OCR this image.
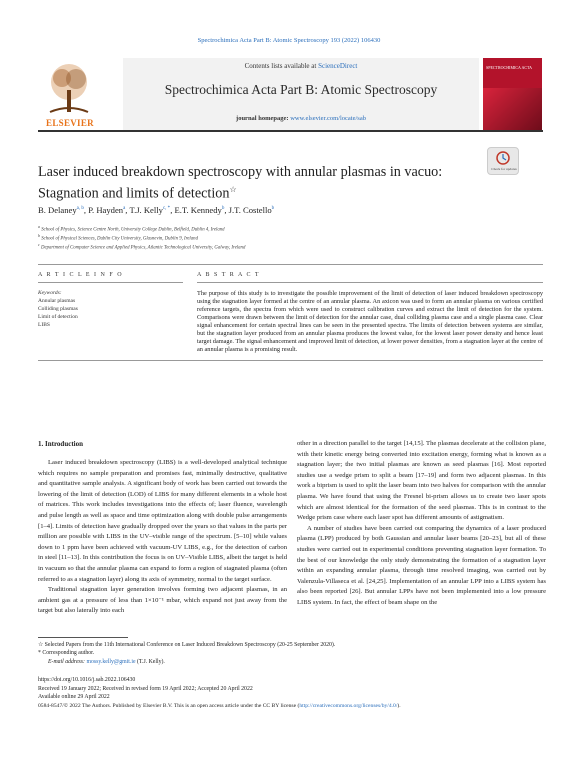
Spectrochimica Acta Part B: Atomic Spectroscopy 193 (2022) 106430
ELSEVIER
Contents lists available at ScienceDirect
Spectrochimica Acta Part B: Atomic Spectroscopy
journal homepage: www.elsevier.com/locate/sab
SPECTROCHIMICA ACTA
Laser induced breakdown spectroscopy with annular plasmas in vacuo:
Stagnation and limits of detection☆
Check for updates
B. Delaney$^{a, b}$, P. Hayden$^a$, T.J. Kelly$^{c, *}$, E.T. Kennedy$^b$, J.T. Costello$^b$
$^a$ School of Physics, Science Centre North, University College Dublin, Belfield, Dublin 4, Ireland
$^b$ School of Physical Sciences, Dublin City University, Glasnevin, Dublin 9, Ireland
$^c$ Department of Computer Science and Applied Physics, Atlantic Technological University, Galway, Ireland
A R T I C L E I N F O
Keywords:
Annular plasmas
Colliding plasmas
Limit of detection
LIBS
A B S T R A C T
The purpose of this study is to investigate the possible improvement of the limit of detection of laser induced breakdown spectroscopy using the stagnation layer formed at the centre of an annular plasma. An axicon was used to form an annular plasma on various certified reference targets, the spectra from which were used to construct calibration curves and extract the limit of detection for the system. Comparisons were drawn between the limit of detection for the annular case, dual colliding plasma case and a single plasma case. Clear signal enhancement for certain spectral lines can be seen in the presented spectra. The limits of detection between systems are similar, but the stagnation layer produced from an annular plasma produces the lowest value, for the lowest laser power density and hence least target damage. The signal enhancement and improved limit of detection, at lower power densities, from a stagnation layer at the centre of an annular plasma is a promising result.
1. Introduction

Laser induced breakdown spectroscopy (LIBS) is a well-developed analytical technique which requires no sample preparation and promises fast, minimally destructive, qualitative and quantitative sample analysis. A significant body of work has been carried out towards the lowering of the limit of detection (LOD) of LIBS for many different elements in a whole host of matrices. This work includes investigations into the effects of; laser fluence, wavelength and pulse length as well as space and time optimization along with double pulse arrangements [1–4]. Limits of detection have gradually dropped over the years so that values in the parts per million are possible with LIBS in the UV–visible range of the spectrum. [5–10] while values down to 1 ppm have been achieved with vacuum-UV LIBS, e.g., for the detection of carbon in steel [11–13]. In this contribution the focus is on UV–Visible LIBS, albeit the target is held in vacuum so that the annular plasma can expand to form a region of stagnated plasma (often referred to as a stagnation layer) along its axis of symmetry, normal to the target surface.

Traditional stagnation layer generation involves forming two adjacent plasmas, in an ambient gas at a pressure of less than 1×10⁻¹ mbar, which expand not just away from the target but also laterally into each

other in a direction parallel to the target [14,15]. The plasmas decelerate at the collision plane, with their kinetic energy being converted into excitation energy, forming what is known as a stagnation layer; the two initial plasmas are known as seed plasmas [16]. Most reported studies use a wedge prism to split a beam [17–19] and form two adjacent plasmas. In this work a biprism is used to split the laser beam into two halves for comparison with the annular plasma. We have found that using the Fresnel bi-prism allows us to create two laser spots which are almost identical for the formation of the seed plasmas. This is in contrast to the Wedge prism case where each laser spot has different amounts of astigmatism.

A number of studies have been carried out comparing the dynamics of a laser produced plasma (LPP) produced by both Gaussian and annular laser beams [20–23], but all of these studies were carried out in experimental conditions preventing stagnation layer formation. To the best of our knowledge the only study demonstrating the formation of a stagnation layer within an expanding annular plasma, through time resolved imaging, was carried out by Valenzula-Villaseca et al. [24,25]. Implementation of an annular LPP into a LIBS system has also been reported [26]. But annular LPPs have not been implemented into a low pressure LIBS system. In fact, the effect of beam shape on the

☆ Selected Papers from the 11th International Conference on Laser Induced Breakdown Spectroscopy (20-25 September 2020).
* Corresponding author.
E-mail address: mossy.kelly@gmit.ie (T.J. Kelly).
https://doi.org/10.1016/j.sab.2022.106430
Received 19 January 2022; Received in revised form 19 April 2022; Accepted 20 April 2022
Available online 29 April 2022
0584-8547/© 2022 The Authors. Published by Elsevier B.V. This is an open access article under the CC BY license (http://creativecommons.org/licenses/by/4.0/).
